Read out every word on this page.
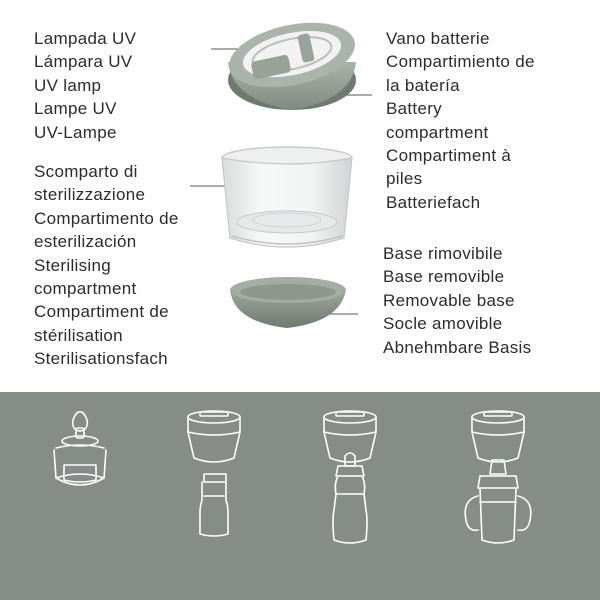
Lampada UV
Lámpara UV
UV lamp
Lampe UV
UV-Lampe
Vano batterie
Compartimiento de
la batería
Battery
compartment
Compartiment à
piles
Batteriefach
Scomparto di
sterilizzazione
Compartimento de
esterilización
Sterilising
compartment
Compartiment de
stérilisation
Sterilisationsfach
Base rimovibile
Base removible
Removable base
Socle amovible
Abnehmbare Basis
